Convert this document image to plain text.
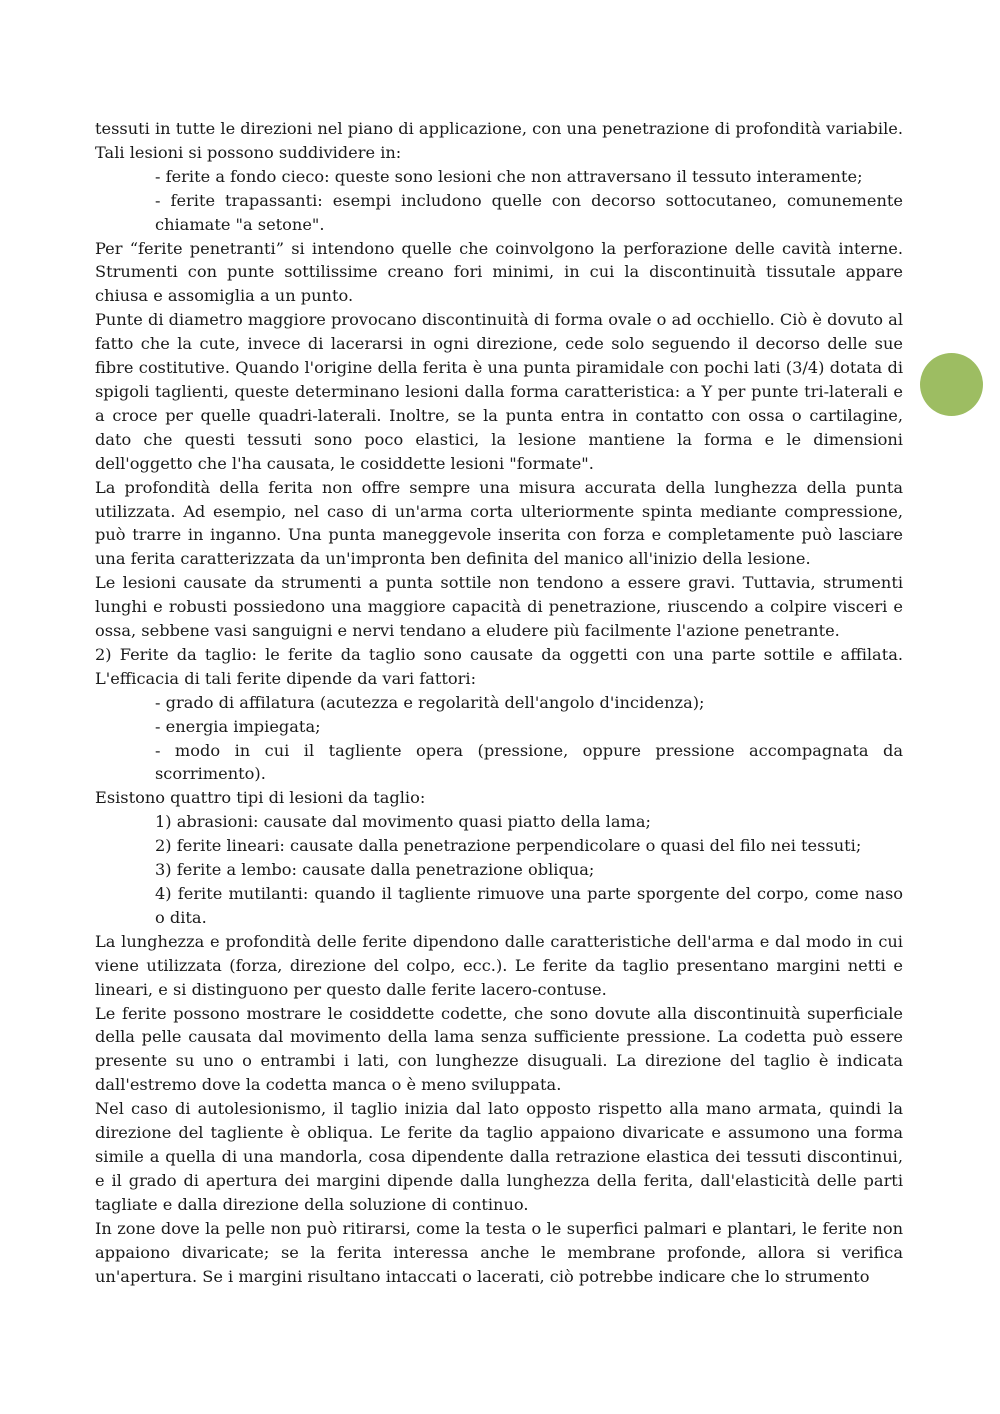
tessuti in tutte le direzioni nel piano di applicazione, con una penetrazione di profondità variabile. Tali lesioni si possono suddividere in:

- ferite a fondo cieco: queste sono lesioni che non attraversano il tessuto interamente;

- ferite trapassanti: esempi includono quelle con decorso sottocutaneo, comunemente chiamate "a setone".

Per “ferite penetranti” si intendono quelle che coinvolgono la perforazione delle cavità interne. Strumenti con punte sottilissime creano fori minimi, in cui la discontinuità tissutale appare chiusa e assomiglia a un punto.

Punte di diametro maggiore provocano discontinuità di forma ovale o ad occhiello. Ciò è dovuto al fatto che la cute, invece di lacerarsi in ogni direzione, cede solo seguendo il decorso delle sue fibre costitutive. Quando l'origine della ferita è una punta piramidale con pochi lati (3/4) dotata di spigoli taglienti, queste determinano lesioni dalla forma caratteristica: a Y per punte tri-laterali e a croce per quelle quadri-laterali. Inoltre, se la punta entra in contatto con ossa o cartilagine, dato che questi tessuti sono poco elastici, la lesione mantiene la forma e le dimensioni dell'oggetto che l'ha causata, le cosiddette lesioni "formate".

La profondità della ferita non offre sempre una misura accurata della lunghezza della punta utilizzata. Ad esempio, nel caso di un'arma corta ulteriormente spinta mediante compressione, può trarre in inganno. Una punta maneggevole inserita con forza e completamente può lasciare una ferita caratterizzata da un'impronta ben definita del manico all'inizio della lesione.

Le lesioni causate da strumenti a punta sottile non tendono a essere gravi. Tuttavia, strumenti lunghi e robusti possiedono una maggiore capacità di penetrazione, riuscendo a colpire visceri e ossa, sebbene vasi sanguigni e nervi tendano a eludere più facilmente l'azione penetrante.

2) Ferite da taglio: le ferite da taglio sono causate da oggetti con una parte sottile e affilata. L'efficacia di tali ferite dipende da vari fattori:

- grado di affilatura (acutezza e regolarità dell'angolo d'incidenza);

- energia impiegata;

- modo in cui il tagliente opera (pressione, oppure pressione accompagnata da scorrimento).

Esistono quattro tipi di lesioni da taglio:

1) abrasioni: causate dal movimento quasi piatto della lama;

2) ferite lineari: causate dalla penetrazione perpendicolare o quasi del filo nei tessuti;

3) ferite a lembo: causate dalla penetrazione obliqua;

4) ferite mutilanti: quando il tagliente rimuove una parte sporgente del corpo, come naso o dita.

La lunghezza e profondità delle ferite dipendono dalle caratteristiche dell'arma e dal modo in cui viene utilizzata (forza, direzione del colpo, ecc.). Le ferite da taglio presentano margini netti e lineari, e si distinguono per questo dalle ferite lacero-contuse.

Le ferite possono mostrare le cosiddette codette, che sono dovute alla discontinuità superficiale della pelle causata dal movimento della lama senza sufficiente pressione. La codetta può essere presente su uno o entrambi i lati, con lunghezze disuguali. La direzione del taglio è indicata dall'estremo dove la codetta manca o è meno sviluppata.

Nel caso di autolesionismo, il taglio inizia dal lato opposto rispetto alla mano armata, quindi la direzione del tagliente è obliqua. Le ferite da taglio appaiono divaricate e assumono una forma simile a quella di una mandorla, cosa dipendente dalla retrazione elastica dei tessuti discontinui, e il grado di apertura dei margini dipende dalla lunghezza della ferita, dall'elasticità delle parti tagliate e dalla direzione della soluzione di continuo.

In zone dove la pelle non può ritirarsi, come la testa o le superfici palmari e plantari, le ferite non appaiono divaricate; se la ferita interessa anche le membrane profonde, allora si verifica un'apertura. Se i margini risultano intaccati o lacerati, ciò potrebbe indicare che lo strumento
